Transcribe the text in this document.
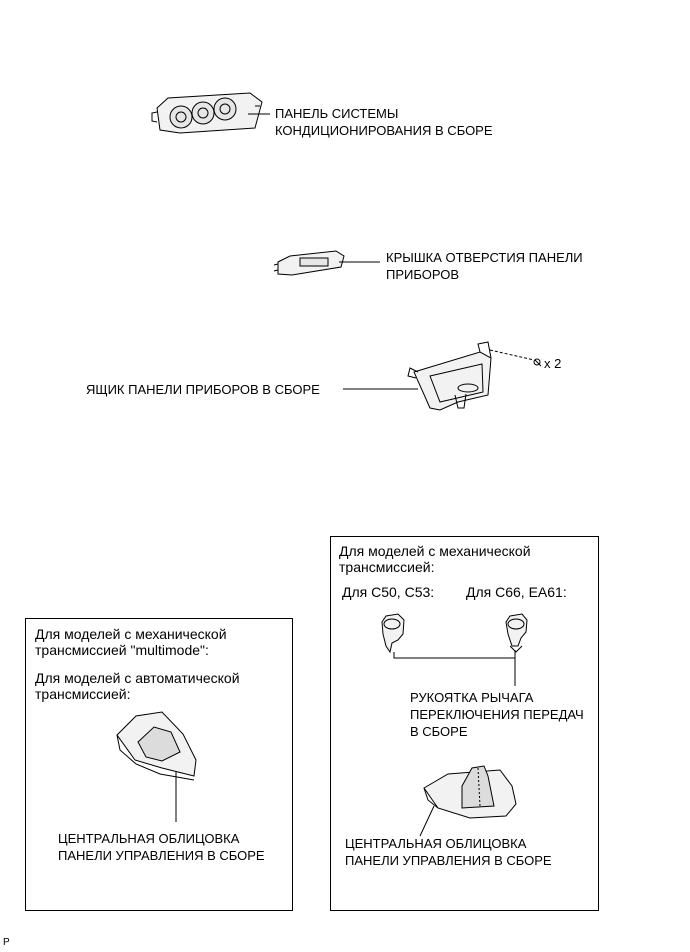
ПАНЕЛЬ СИСТЕМЫ
КОНДИЦИОНИРОВАНИЯ В СБОРЕ
КРЫШКА ОТВЕРСТИЯ ПАНЕЛИ
ПРИБОРОВ
ЯЩИК ПАНЕЛИ ПРИБОРОВ В СБОРЕ
x 2
Для моделей с механической
трансмиссией "multimode":
Для моделей с автоматической
трансмиссией:
ЦЕНТРАЛЬНАЯ ОБЛИЦОВКА
ПАНЕЛИ УПРАВЛЕНИЯ В СБОРЕ
Для моделей с механической
трансмиссией:
Для C50, C53: Для C66, EA61:
РУКОЯТКА РЫЧАГА
ПЕРЕКЛЮЧЕНИЯ ПЕРЕДАЧ
В СБОРЕ
ЦЕНТРАЛЬНАЯ ОБЛИЦОВКА
ПАНЕЛИ УПРАВЛЕНИЯ В СБОРЕ
P
